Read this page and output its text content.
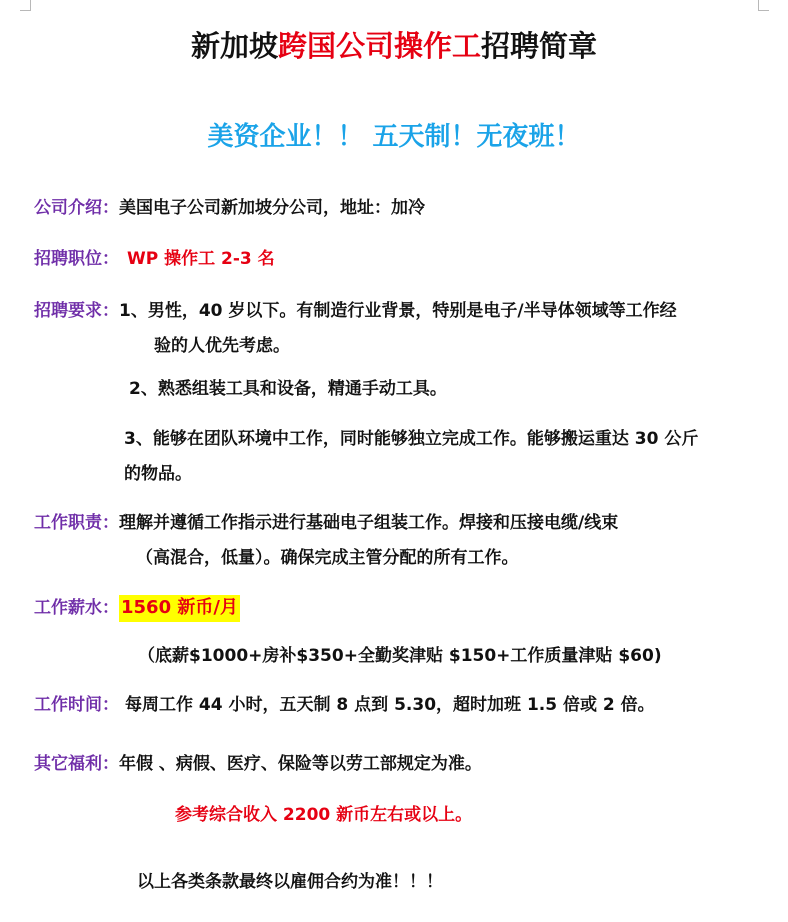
新加坡跨国公司操作工招聘简章
美资企业！！ 五天制！无夜班！
公司介绍：美国电子公司新加坡分公司，地址：加冷
招聘职位： WP 操作工 2-3 名
招聘要求：1、男性，40 岁以下。有制造行业背景，特别是电子/半导体领域等工作经
验的人优先考虑。
2、熟悉组装工具和设备，精通手动工具。
3、能够在团队环境中工作，同时能够独立完成工作。能够搬运重达 30 公斤
的物品。
工作职责：理解并遵循工作指示进行基础电子组装工作。焊接和压接电缆/线束
（高混合，低量）。确保完成主管分配的所有工作。
工作薪水： 1560 新币/月
（底薪$1000+房补$350+全勤奖津贴 $150+工作质量津贴 $60)
工作时间： 每周工作 44 小时，五天制 8 点到 5.30，超时加班 1.5 倍或 2 倍。
其它福利：年假 、病假、医疗、保险等以劳工部规定为准。
参考综合收入 2200 新币左右或以上。
以上各类条款最终以雇佣合约为准！！！
